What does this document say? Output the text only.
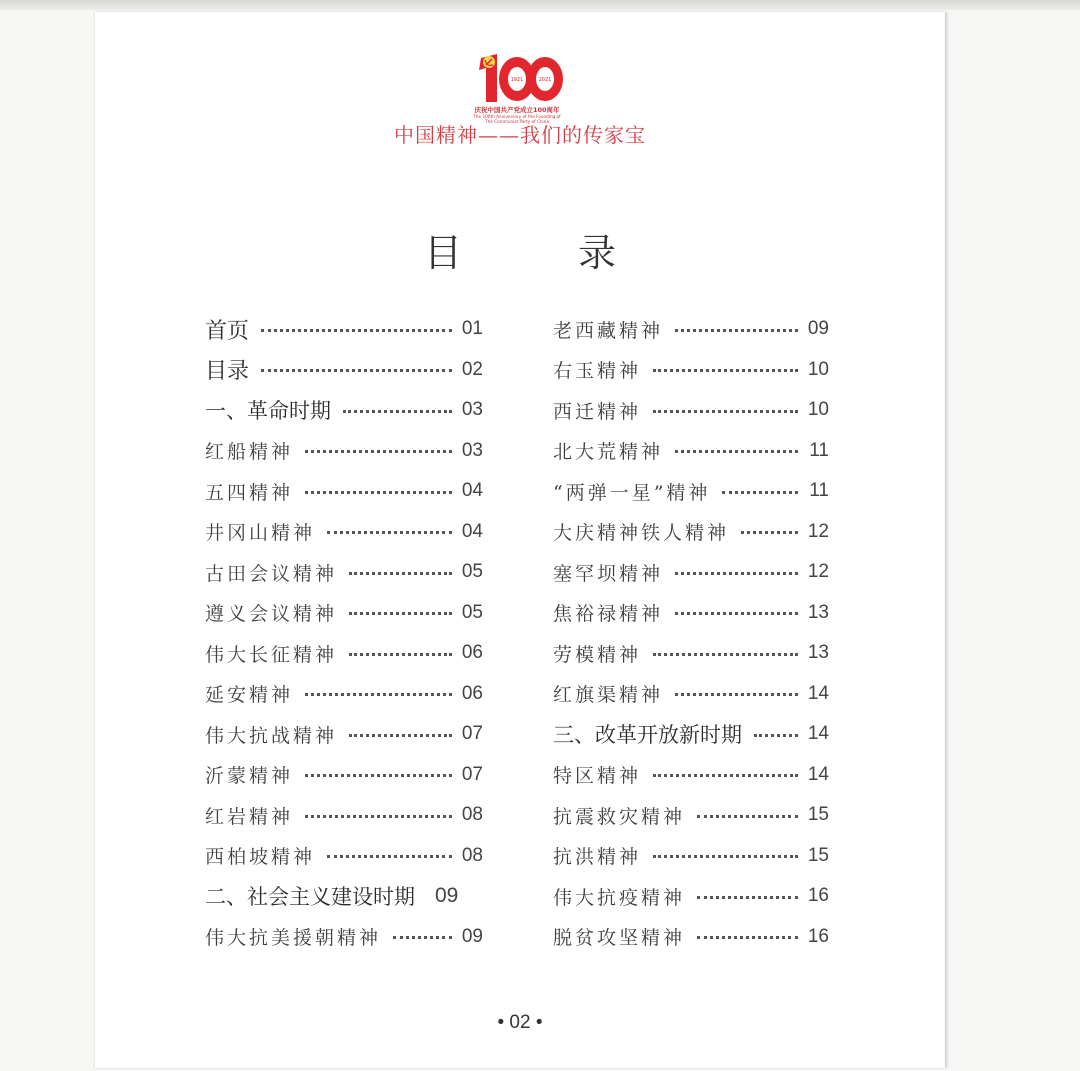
1921	2021
庆祝中国共产党成立100周年
The 100th Anniversary of the Founding of
The Communist Party of China
中国精神——我们的传家宝
目 录
首页	01
目录	02
一、革命时期	03
红船精神	03
五四精神	04
井冈山精神	04
古田会议精神	05
遵义会议精神	05
伟大长征精神	06
延安精神	06
伟大抗战精神	07
沂蒙精神	07
红岩精神	08
西柏坡精神	08
二、社会主义建设时期 09
伟大抗美援朝精神	09
老西藏精神	09
右玉精神	10
西迁精神	10
北大荒精神	11
“两弹一星”精神	11
大庆精神铁人精神	12
塞罕坝精神	12
焦裕禄精神	13
劳模精神	13
红旗渠精神	14
三、改革开放新时期	14
特区精神	14
抗震救灾精神	15
抗洪精神	15
伟大抗疫精神	16
脱贫攻坚精神	16
• 02 •
